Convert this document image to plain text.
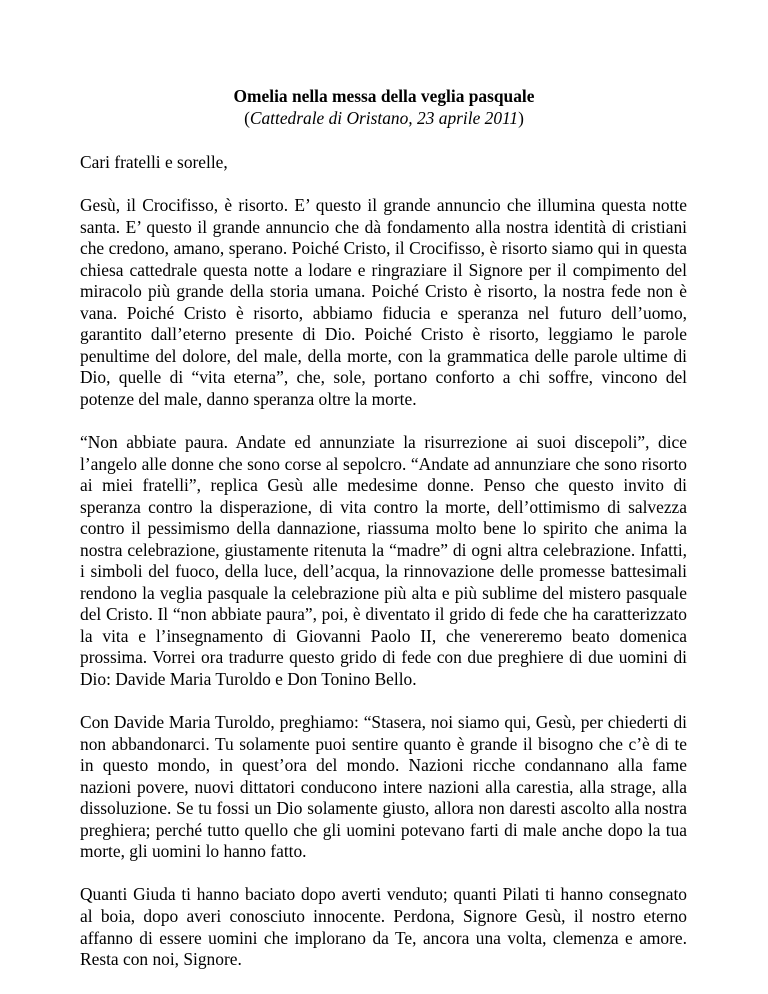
Omelia nella messa della veglia pasquale
(Cattedrale di Oristano, 23 aprile 2011)

Cari fratelli e sorelle,

Gesù, il Crocifisso, è risorto. E’ questo il grande annuncio che illumina questa notte santa. E’ questo il grande annuncio che dà fondamento alla nostra identità di cristiani che credono, amano, sperano. Poiché Cristo, il Crocifisso, è risorto siamo qui in questa chiesa cattedrale questa notte a lodare e ringraziare il Signore per il compimento del miracolo più grande della storia umana. Poiché Cristo è risorto, la nostra fede non è vana. Poiché Cristo è risorto, abbiamo fiducia e speranza nel futuro dell’uomo, garantito dall’eterno presente di Dio. Poiché Cristo è risorto, leggiamo le parole penultime del dolore, del male, della morte, con la grammatica delle parole ultime di Dio, quelle di “vita eterna”, che, sole, portano conforto a chi soffre, vincono del potenze del male, danno speranza oltre la morte.

“Non abbiate paura. Andate ed annunziate la risurrezione ai suoi discepoli”, dice l’angelo alle donne che sono corse al sepolcro. “Andate ad annunziare che sono risorto ai miei fratelli”, replica Gesù alle medesime donne. Penso che questo invito di speranza contro la disperazione, di vita contro la morte, dell’ottimismo di salvezza contro il pessimismo della dannazione, riassuma molto bene lo spirito che anima la nostra celebrazione, giustamente ritenuta la “madre” di ogni altra celebrazione. Infatti, i simboli del fuoco, della luce, dell’acqua, la rinnovazione delle promesse battesimali rendono la veglia pasquale la celebrazione più alta e più sublime del mistero pasquale del Cristo. Il “non abbiate paura”, poi, è diventato il grido di fede che ha caratterizzato la vita e l’insegnamento di Giovanni Paolo II, che venereremo beato domenica prossima. Vorrei ora tradurre questo grido di fede con due preghiere di due uomini di Dio: Davide Maria Turoldo e Don Tonino Bello.

Con Davide Maria Turoldo, preghiamo: “Stasera, noi siamo qui, Gesù, per chiederti di non abbandonarci. Tu solamente puoi sentire quanto è grande il bisogno che c’è di te in questo mondo, in quest’ora del mondo. Nazioni ricche condannano alla fame nazioni povere, nuovi dittatori conducono intere nazioni alla carestia, alla strage, alla dissoluzione. Se tu fossi un Dio solamente giusto, allora non daresti ascolto alla nostra preghiera; perché tutto quello che gli uomini potevano farti di male anche dopo la tua morte, gli uomini lo hanno fatto.

Quanti Giuda ti hanno baciato dopo averti venduto; quanti Pilati ti hanno consegnato al boia, dopo averi conosciuto innocente. Perdona, Signore Gesù, il nostro eterno affanno di essere uomini che implorano da Te, ancora una volta, clemenza e amore. Resta con noi, Signore.
